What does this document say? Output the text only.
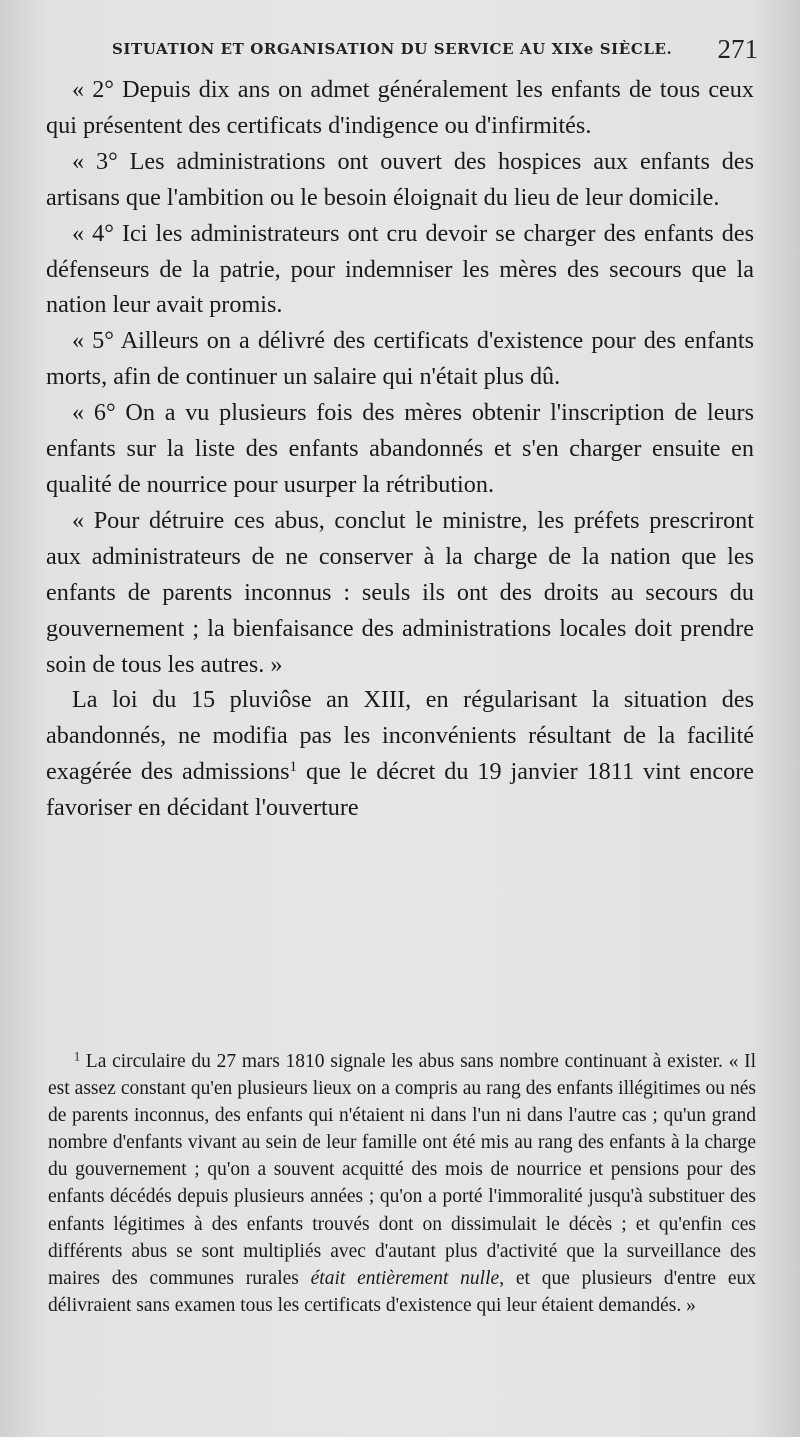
SITUATION ET ORGANISATION DU SERVICE AU XIXe SIÈCLE. 271

« 2° Depuis dix ans on admet généralement les enfants de tous ceux qui présentent des certificats d'indigence ou d'infirmités.

« 3° Les administrations ont ouvert des hospices aux enfants des artisans que l'ambition ou le besoin éloignait du lieu de leur domicile.

« 4° Ici les administrateurs ont cru devoir se charger des enfants des défenseurs de la patrie, pour indemniser les mères des secours que la nation leur avait promis.

« 5° Ailleurs on a délivré des certificats d'existence pour des enfants morts, afin de continuer un salaire qui n'était plus dû.

« 6° On a vu plusieurs fois des mères obtenir l'inscription de leurs enfants sur la liste des enfants abandonnés et s'en charger ensuite en qualité de nourrice pour usurper la rétribution.

« Pour détruire ces abus, conclut le ministre, les préfets prescriront aux administrateurs de ne conserver à la charge de la nation que les enfants de parents inconnus : seuls ils ont des droits au secours du gouvernement ; la bienfaisance des administrations locales doit prendre soin de tous les autres. »

La loi du 15 pluviôse an XIII, en régularisant la situation des abandonnés, ne modifia pas les inconvénients résultant de la facilité exagérée des admissions$^1$ que le décret du 19 janvier 1811 vint encore favoriser en décidant l'ouverture

$^1$ La circulaire du 27 mars 1810 signale les abus sans nombre continuant à exister. « Il est assez constant qu'en plusieurs lieux on a compris au rang des enfants illégitimes ou nés de parents inconnus, des enfants qui n'étaient ni dans l'un ni dans l'autre cas ; qu'un grand nombre d'enfants vivant au sein de leur famille ont été mis au rang des enfants à la charge du gouvernement ; qu'on a souvent acquitté des mois de nourrice et pensions pour des enfants décédés depuis plusieurs années ; qu'on a porté l'immoralité jusqu'à substituer des enfants légitimes à des enfants trouvés dont on dissimulait le décès ; et qu'enfin ces différents abus se sont multipliés avec d'autant plus d'activité que la surveillance des maires des communes rurales était entièrement nulle, et que plusieurs d'entre eux délivraient sans examen tous les certificats d'existence qui leur étaient demandés. »
